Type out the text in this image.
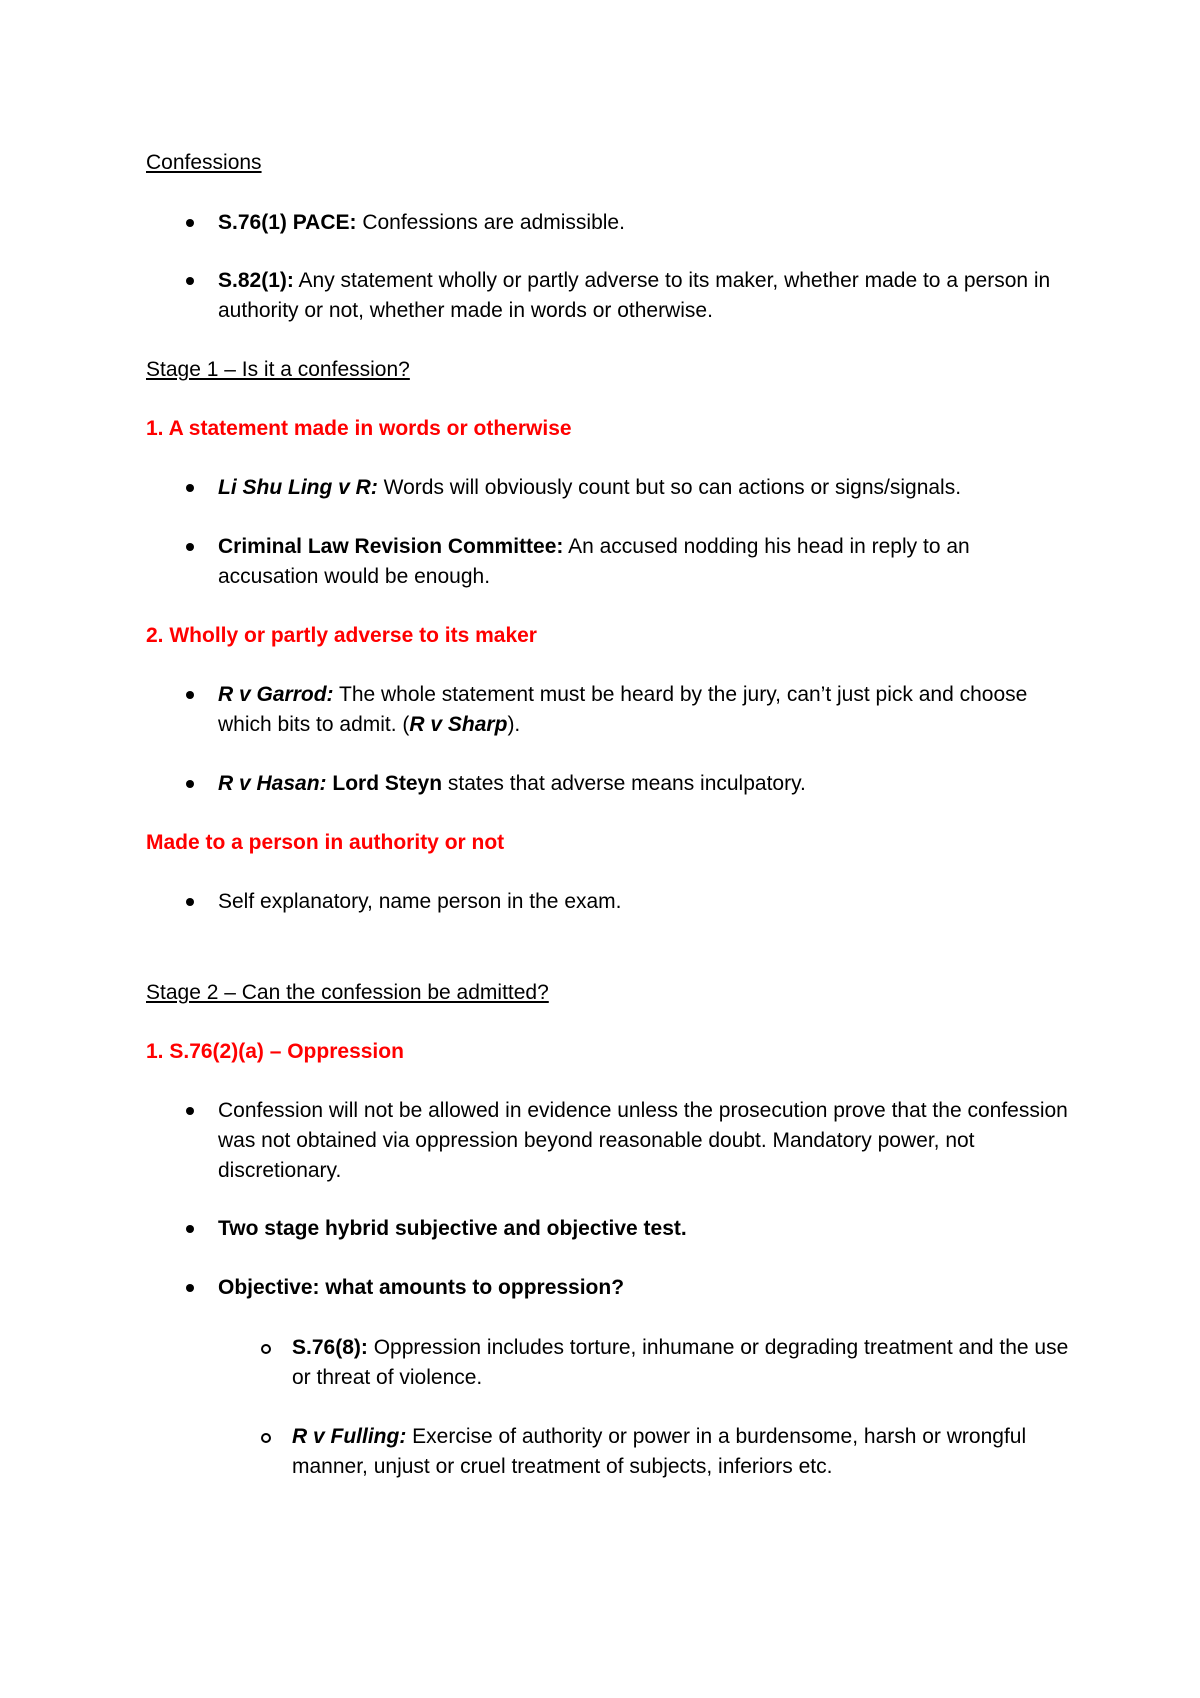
Confessions
S.76(1) PACE: Confessions are admissible.
S.82(1): Any statement wholly or partly adverse to its maker, whether made to a person in authority or not, whether made in words or otherwise.
Stage 1 – Is it a confession?
1. A statement made in words or otherwise
Li Shu Ling v R: Words will obviously count but so can actions or signs/signals.
Criminal Law Revision Committee: An accused nodding his head in reply to an accusation would be enough.
2. Wholly or partly adverse to its maker
R v Garrod: The whole statement must be heard by the jury, can’t just pick and choose which bits to admit. (R v Sharp).
R v Hasan: Lord Steyn states that adverse means inculpatory.
Made to a person in authority or not
Self explanatory, name person in the exam.
Stage 2 – Can the confession be admitted?
1. S.76(2)(a) – Oppression
Confession will not be allowed in evidence unless the prosecution prove that the confession was not obtained via oppression beyond reasonable doubt. Mandatory power, not discretionary.
Two stage hybrid subjective and objective test.
Objective: what amounts to oppression?
S.76(8): Oppression includes torture, inhumane or degrading treatment and the use or threat of violence.
R v Fulling: Exercise of authority or power in a burdensome, harsh or wrongful manner, unjust or cruel treatment of subjects, inferiors etc.
